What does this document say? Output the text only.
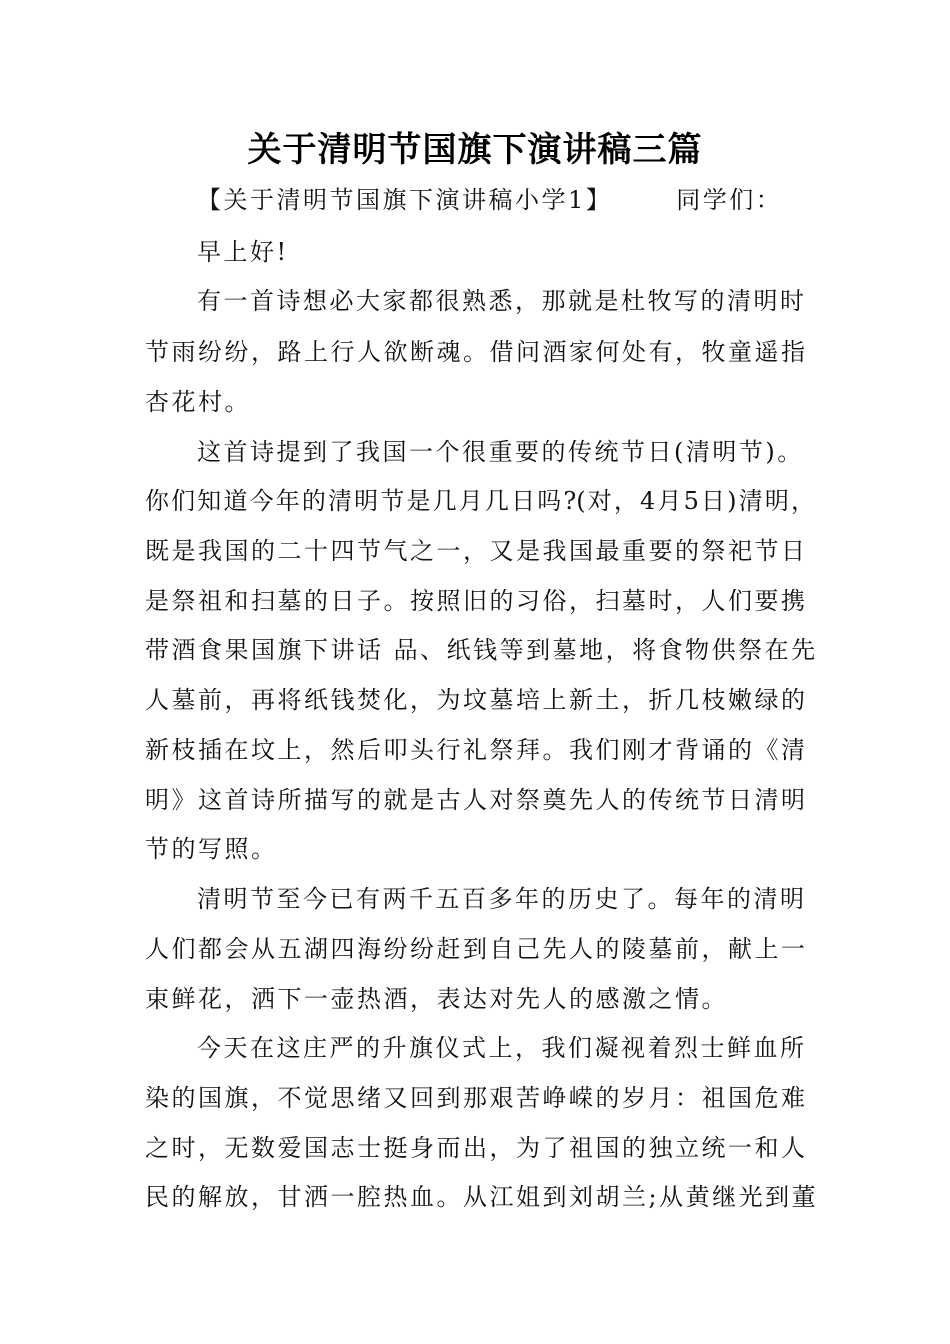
关于清明节国旗下演讲稿三篇
【关于清明节国旗下演讲稿小学1】	同学们：
早上好!
有一首诗想必大家都很熟悉，那就是杜牧写的清明时
节雨纷纷，路上行人欲断魂。借问酒家何处有，牧童遥指
杏花村。
这首诗提到了我国一个很重要的传统节日(清明节)。
你们知道今年的清明节是几月几日吗?(对，4月5日)清明，
既是我国的二十四节气之一，又是我国最重要的祭祀节日
是祭祖和扫墓的日子。按照旧的习俗，扫墓时，人们要携
带酒食果国旗下讲话 品、纸钱等到墓地，将食物供祭在先
人墓前，再将纸钱焚化，为坟墓培上新土，折几枝嫩绿的
新枝插在坟上，然后叩头行礼祭拜。我们刚才背诵的《清
明》这首诗所描写的就是古人对祭奠先人的传统节日清明
节的写照。
清明节至今已有两千五百多年的历史了。每年的清明
人们都会从五湖四海纷纷赶到自己先人的陵墓前，献上一
束鲜花，洒下一壶热酒，表达对先人的感激之情。
今天在这庄严的升旗仪式上，我们凝视着烈士鲜血所
染的国旗，不觉思绪又回到那艰苦峥嵘的岁月：祖国危难
之时，无数爱国志士挺身而出，为了祖国的独立统一和人
民的解放，甘洒一腔热血。从江姐到刘胡兰;从黄继光到董
